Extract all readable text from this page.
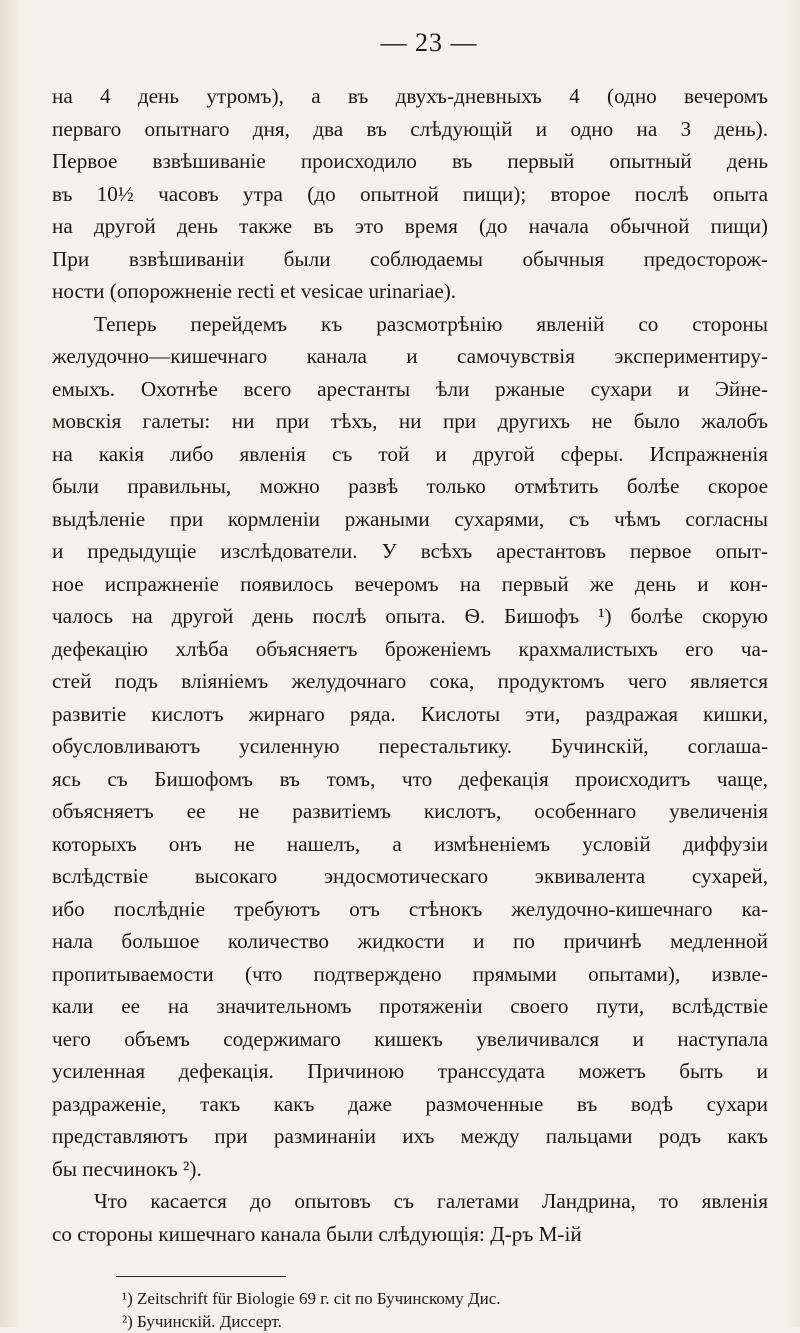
— 23 —

на 4 день утромъ), а въ двухъ-дневныхъ 4 (одно вечеромъ
перваго опытнаго дня, два въ слѣдующій и одно на 3 день).
Первое взвѣшиваніе происходило въ первый опытный день
въ 10½ часовъ утра (до опытной пищи); второе послѣ опыта
на другой день также въ это время (до начала обычной пищи)
При взвѣшиваніи были соблюдаемы обычныя предосторож-
ности (опорожненіе recti et vesicae urinariae).

Теперь перейдемъ къ разсмотрѣнію явленій со стороны
желудочно—кишечнаго канала и самочувствія экспериментиру-
емыхъ. Охотнѣе всего арестанты ѣли ржаные сухари и Эйне-
мовскія галеты: ни при тѣхъ, ни при другихъ не было жалобъ
на какія либо явленія съ той и другой сферы. Испражненія
были правильны, можно развѣ только отмѣтить болѣе скорое
выдѣленіе при кормленіи ржаными сухарями, съ чѣмъ согласны
и предыдущіе изслѣдователи. У всѣхъ арестантовъ первое опыт-
ное испражненіе появилось вечеромъ на первый же день и кон-
чалось на другой день послѣ опыта. Ѳ. Бишофъ ¹) болѣе скорую
дефекацію хлѣба объясняетъ броженіемъ крахмалистыхъ его ча-
стей подъ вліяніемъ желудочнаго сока, продуктомъ чего является
развитіе кислотъ жирнаго ряда. Кислоты эти, раздражая кишки,
обусловливаютъ усиленную перестальтику. Бучинскій, соглаша-
ясь съ Бишофомъ въ томъ, что дефекація происходитъ чаще,
объясняетъ ее не развитіемъ кислотъ, особеннаго увеличенія
которыхъ онъ не нашелъ, а измѣненіемъ условій диффузіи
вслѣдствіе высокаго эндосмотическаго эквивалента сухарей,
ибо послѣдніе требуютъ отъ стѣнокъ желудочно-кишечнаго ка-
нала большое количество жидкости и по причинѣ медленной
пропитываемости (что подтверждено прямыми опытами), извле-
кали ее на значительномъ протяженіи своего пути, вслѣдствіе
чего объемъ содержимаго кишекъ увеличивался и наступала
усиленная дефекація. Причиною транссудата можетъ быть и
раздраженіе, такъ какъ даже размоченные въ водѣ сухари
представляютъ при разминаніи ихъ между пальцами родъ какъ
бы песчинокъ ²).

Что касается до опытовъ съ галетами Ландрина, то явленія
со стороны кишечнаго канала были слѣдующія: Д-ръ М-ій

¹) Zeitschrift für Biologie 69 г. cit по Бучинскому Дис.
²) Бучинскій. Диссерт.
